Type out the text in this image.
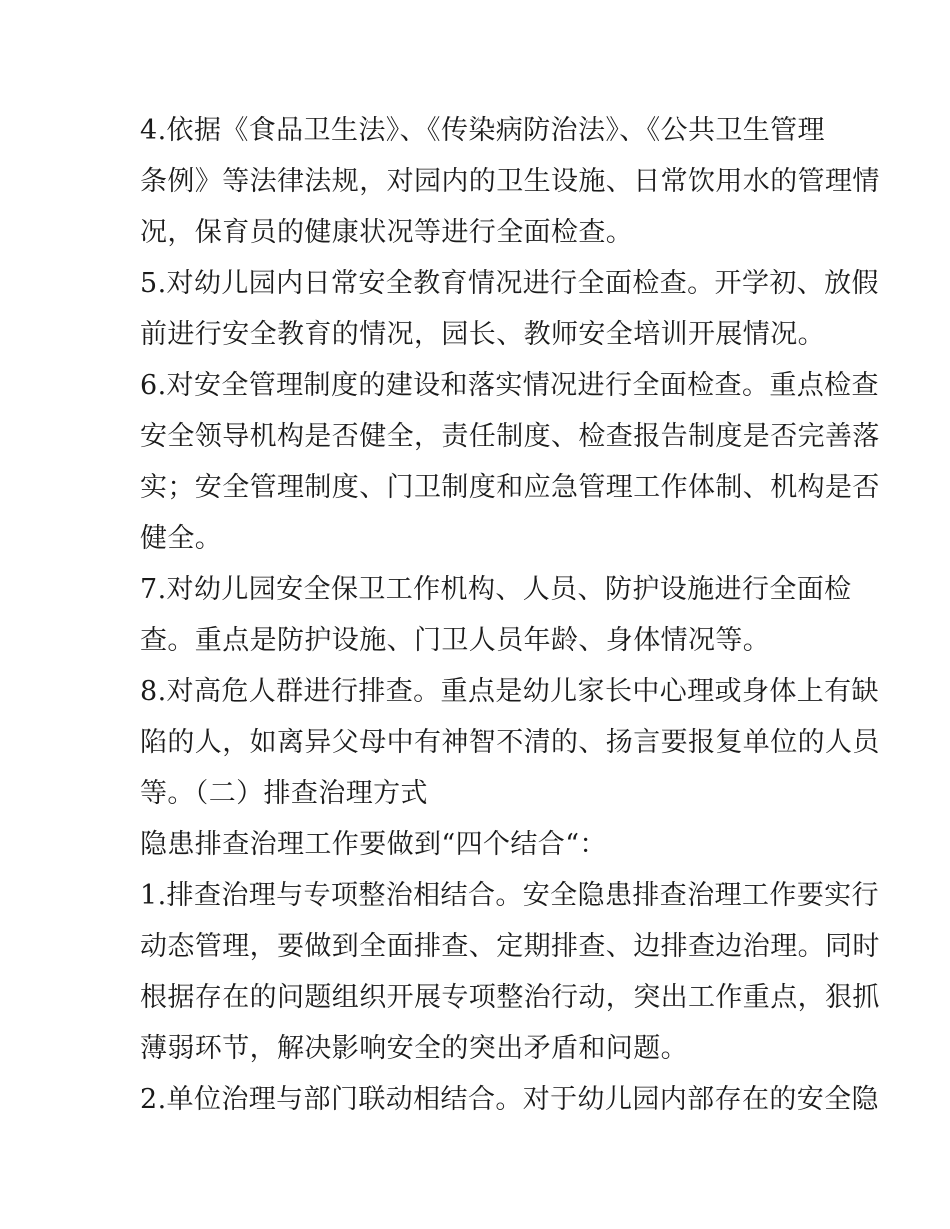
4.依据《食品卫生法》、《传染病防治法》、《公共卫生管理
条例》等法律法规，对园内的卫生设施、日常饮用水的管理情
况，保育员的健康状况等进行全面检查。
5.对幼儿园内日常安全教育情况进行全面检查。开学初、放假
前进行安全教育的情况，园长、教师安全培训开展情况。
6.对安全管理制度的建设和落实情况进行全面检查。重点检查
安全领导机构是否健全，责任制度、检查报告制度是否完善落
实；安全管理制度、门卫制度和应急管理工作体制、机构是否
健全。
7.对幼儿园安全保卫工作机构、人员、防护设施进行全面检
查。重点是防护设施、门卫人员年龄、身体情况等。
8.对高危人群进行排查。重点是幼儿家长中心理或身体上有缺
陷的人，如离异父母中有神智不清的、扬言要报复单位的人员
等。（二）排查治理方式
隐患排查治理工作要做到“四个结合“：
1.排查治理与专项整治相结合。安全隐患排查治理工作要实行
动态管理，要做到全面排查、定期排查、边排查边治理。同时
根据存在的问题组织开展专项整治行动，突出工作重点，狠抓
薄弱环节，解决影响安全的突出矛盾和问题。
2.单位治理与部门联动相结合。对于幼儿园内部存在的安全隐
